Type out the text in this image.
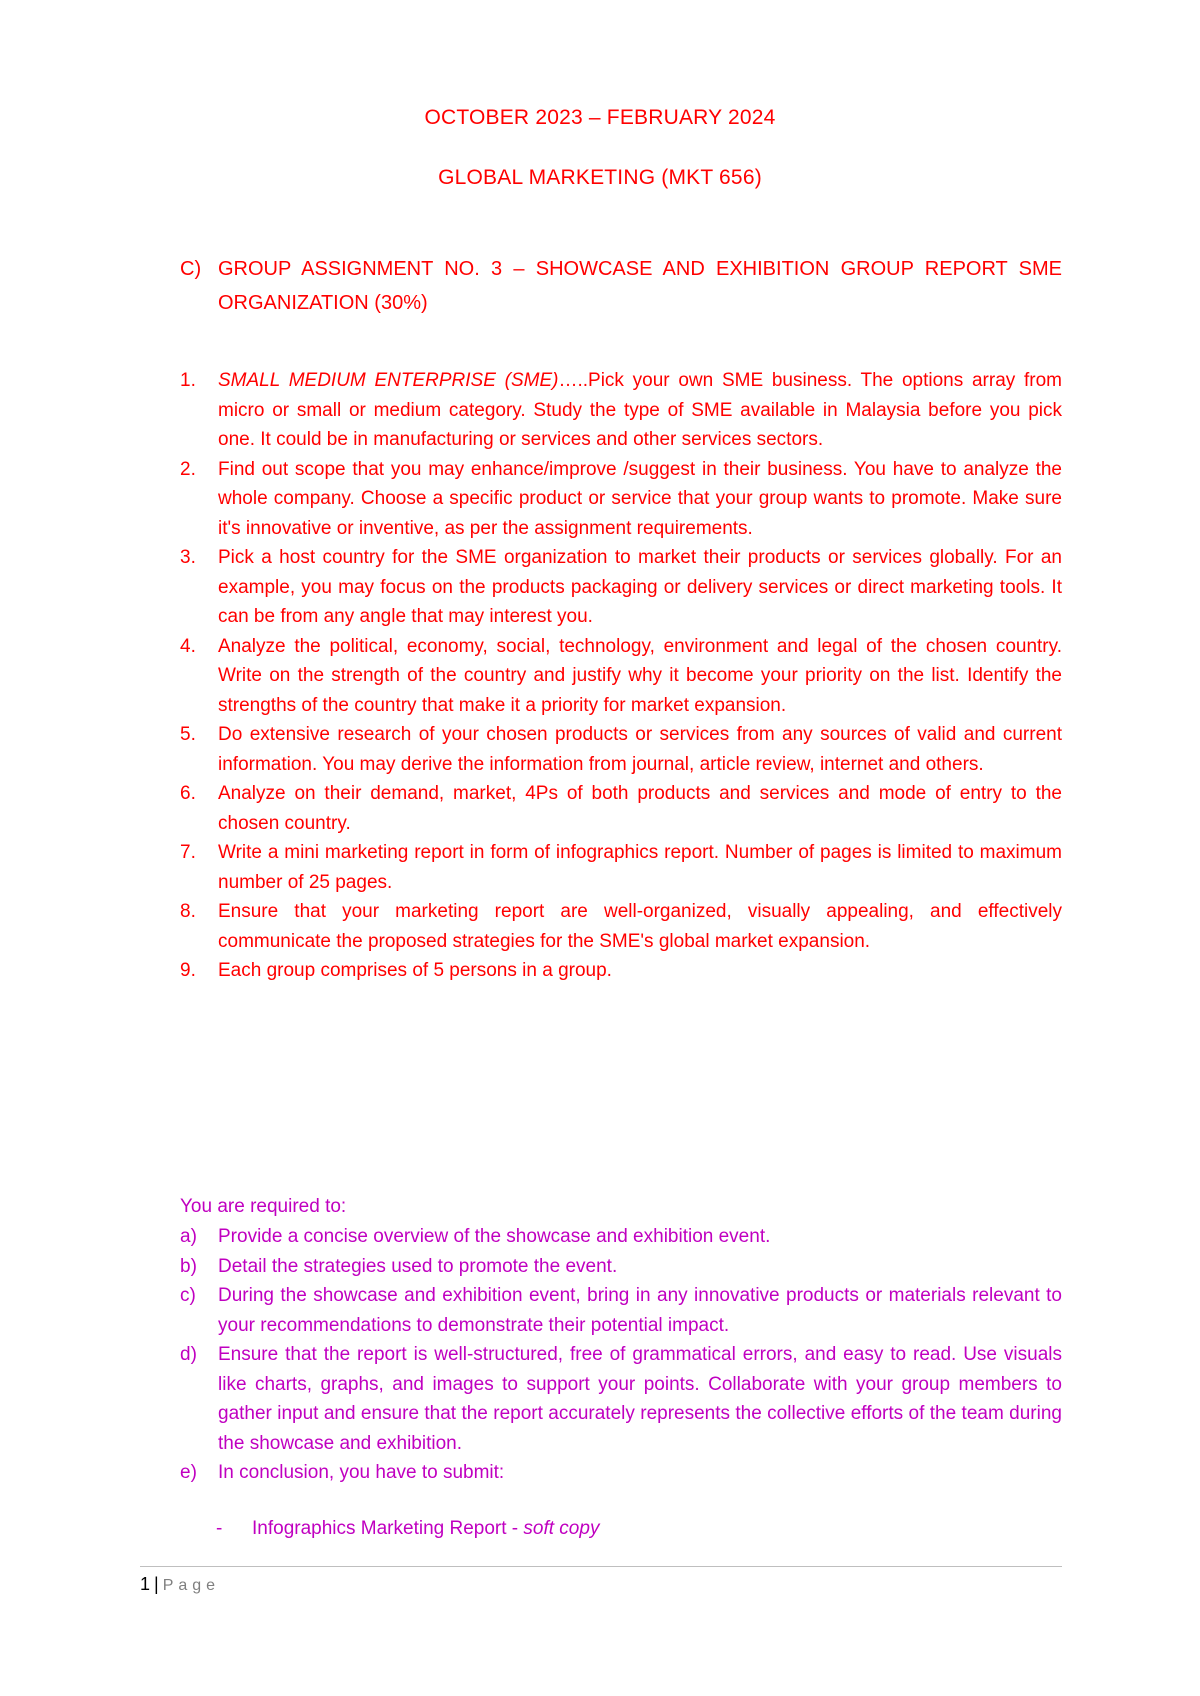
OCTOBER 2023 – FEBRUARY 2024
GLOBAL MARKETING (MKT 656)
C) GROUP ASSIGNMENT NO. 3 – SHOWCASE AND EXHIBITION GROUP REPORT SME ORGANIZATION (30%)
1. SMALL MEDIUM ENTERPRISE (SME)…..Pick your own SME business. The options array from micro or small or medium category. Study the type of SME available in Malaysia before you pick one. It could be in manufacturing or services and other services sectors.
2. Find out scope that you may enhance/improve /suggest in their business. You have to analyze the whole company. Choose a specific product or service that your group wants to promote. Make sure it's innovative or inventive, as per the assignment requirements.
3. Pick a host country for the SME organization to market their products or services globally. For an example, you may focus on the products packaging or delivery services or direct marketing tools. It can be from any angle that may interest you.
4. Analyze the political, economy, social, technology, environment and legal of the chosen country. Write on the strength of the country and justify why it become your priority on the list. Identify the strengths of the country that make it a priority for market expansion.
5. Do extensive research of your chosen products or services from any sources of valid and current information. You may derive the information from journal, article review, internet and others.
6. Analyze on their demand, market, 4Ps of both products and services and mode of entry to the chosen country.
7. Write a mini marketing report in form of infographics report. Number of pages is limited to maximum number of 25 pages.
8. Ensure that your marketing report are well-organized, visually appealing, and effectively communicate the proposed strategies for the SME's global market expansion.
9. Each group comprises of 5 persons in a group.
You are required to:
a) Provide a concise overview of the showcase and exhibition event.
b) Detail the strategies used to promote the event.
c) During the showcase and exhibition event, bring in any innovative products or materials relevant to your recommendations to demonstrate their potential impact.
d) Ensure that the report is well-structured, free of grammatical errors, and easy to read. Use visuals like charts, graphs, and images to support your points. Collaborate with your group members to gather input and ensure that the report accurately represents the collective efforts of the team during the showcase and exhibition.
e) In conclusion, you have to submit:
- Infographics Marketing Report - soft copy
1 | Page
